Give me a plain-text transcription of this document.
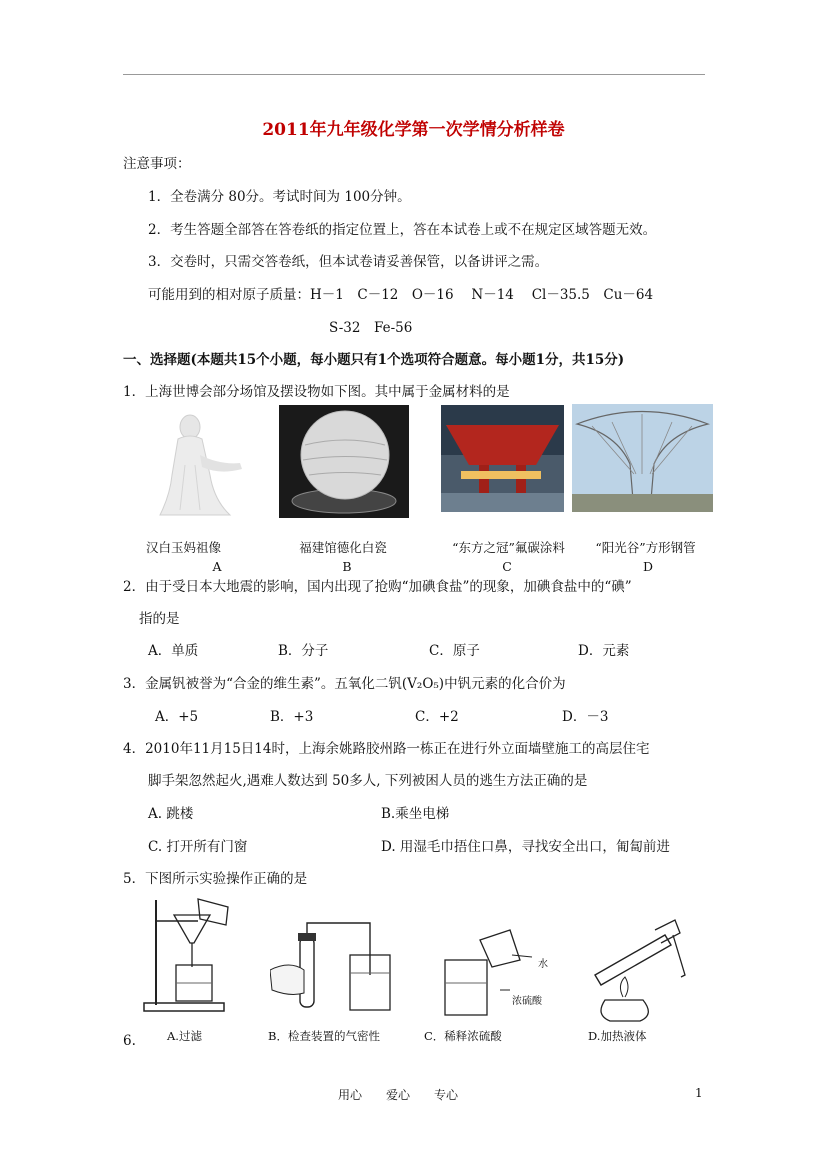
2011年九年级化学第一次学情分析样卷
注意事项：
1．全卷满分 80分。考试时间为 100分钟。
2．考生答题全部答在答卷纸的指定位置上，答在本试卷上或不在规定区域答题无效。
3．交卷时，只需交答卷纸，但本试卷请妥善保管，以备讲评之需。
可能用到的相对原子质量：H－1　C－12　O－16　 N－14　 Cl－35.5　Cu－64
S-32　Fe-56
一、选择题(本题共15个小题，每小题只有1个选项符合题意。每小题1分，共15分)
1．上海世博会部分场馆及摆设物如下图。其中属于金属材料的是
汉白玉妈祖像	福建馆德化白瓷	“东方之冠”氟碳涂料	“阳光谷”方形钢管
A	B	C	D
2．由于受日本大地震的影响，国内出现了抢购“加碘食盐”的现象，加碘食盐中的“碘”
指的是
A．单质	B．分子	C．原子	D．元素
3．金属钒被誉为“合金的维生素”。五氧化二钒(V₂O₅)中钒元素的化合价为
A．+5	B．+3	C．+2	D．－3
4．2010年11月15日14时，上海余姚路胶州路一栋正在进行外立面墙壁施工的高层住宅
脚手架忽然起火,遇难人数达到 50多人, 下列被困人员的逃生方法正确的是
A. 跳楼	B.乘坐电梯
C. 打开所有门窗	D. 用湿毛巾捂住口鼻，寻找安全出口，匍匐前进
5．下图所示实验操作正确的是
水
浓硫酸
A.过滤	B．检查装置的气密性	C．稀释浓硫酸	D.加热液体
6.
用心　　爱心　　专心	1
